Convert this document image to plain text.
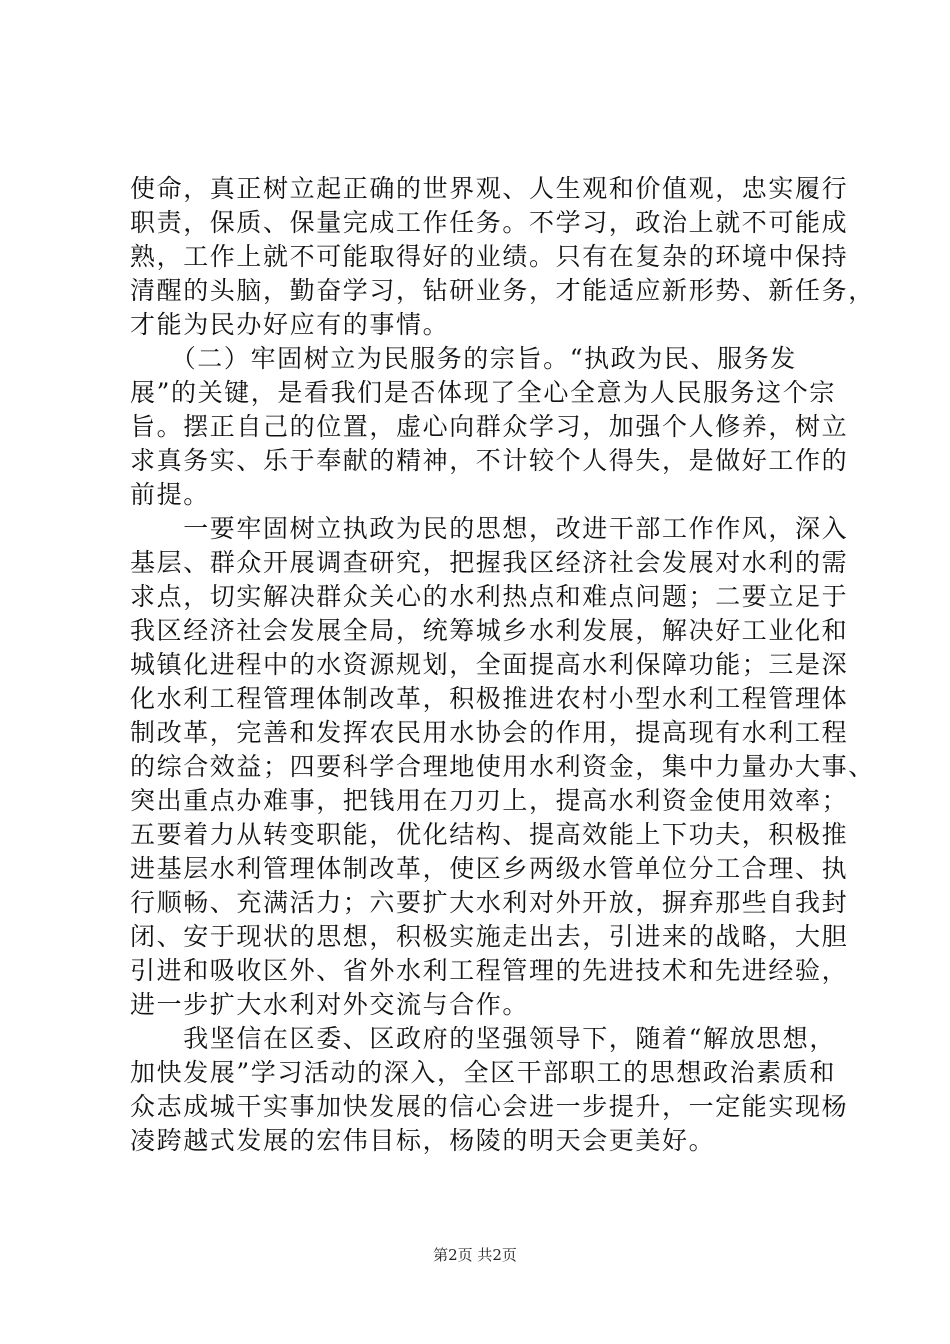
使命，真正树立起正确的世界观、人生观和价值观，忠实履行
职责，保质、保量完成工作任务。不学习，政治上就不可能成
熟，工作上就不可能取得好的业绩。只有在复杂的环境中保持
清醒的头脑，勤奋学习，钻研业务，才能适应新形势、新任务，
才能为民办好应有的事情。
　　（二）牢固树立为民服务的宗旨。“执政为民、服务发
展”的关键，是看我们是否体现了全心全意为人民服务这个宗
旨。摆正自己的位置，虚心向群众学习，加强个人修养，树立
求真务实、乐于奉献的精神，不计较个人得失，是做好工作的
前提。
　　一要牢固树立执政为民的思想，改进干部工作作风，深入
基层、群众开展调查研究，把握我区经济社会发展对水利的需
求点，切实解决群众关心的水利热点和难点问题；二要立足于
我区经济社会发展全局，统筹城乡水利发展，解决好工业化和
城镇化进程中的水资源规划，全面提高水利保障功能；三是深
化水利工程管理体制改革，积极推进农村小型水利工程管理体
制改革，完善和发挥农民用水协会的作用，提高现有水利工程
的综合效益；四要科学合理地使用水利资金，集中力量办大事、
突出重点办难事，把钱用在刀刃上，提高水利资金使用效率；
五要着力从转变职能，优化结构、提高效能上下功夫，积极推
进基层水利管理体制改革，使区乡两级水管单位分工合理、执
行顺畅、充满活力；六要扩大水利对外开放，摒弃那些自我封
闭、安于现状的思想，积极实施走出去，引进来的战略，大胆
引进和吸收区外、省外水利工程管理的先进技术和先进经验，
进一步扩大水利对外交流与合作。
　　我坚信在区委、区政府的坚强领导下，随着“解放思想，
加快发展”学习活动的深入，全区干部职工的思想政治素质和
众志成城干实事加快发展的信心会进一步提升，一定能实现杨
凌跨越式发展的宏伟目标，杨陵的明天会更美好。
第2页 共2页
